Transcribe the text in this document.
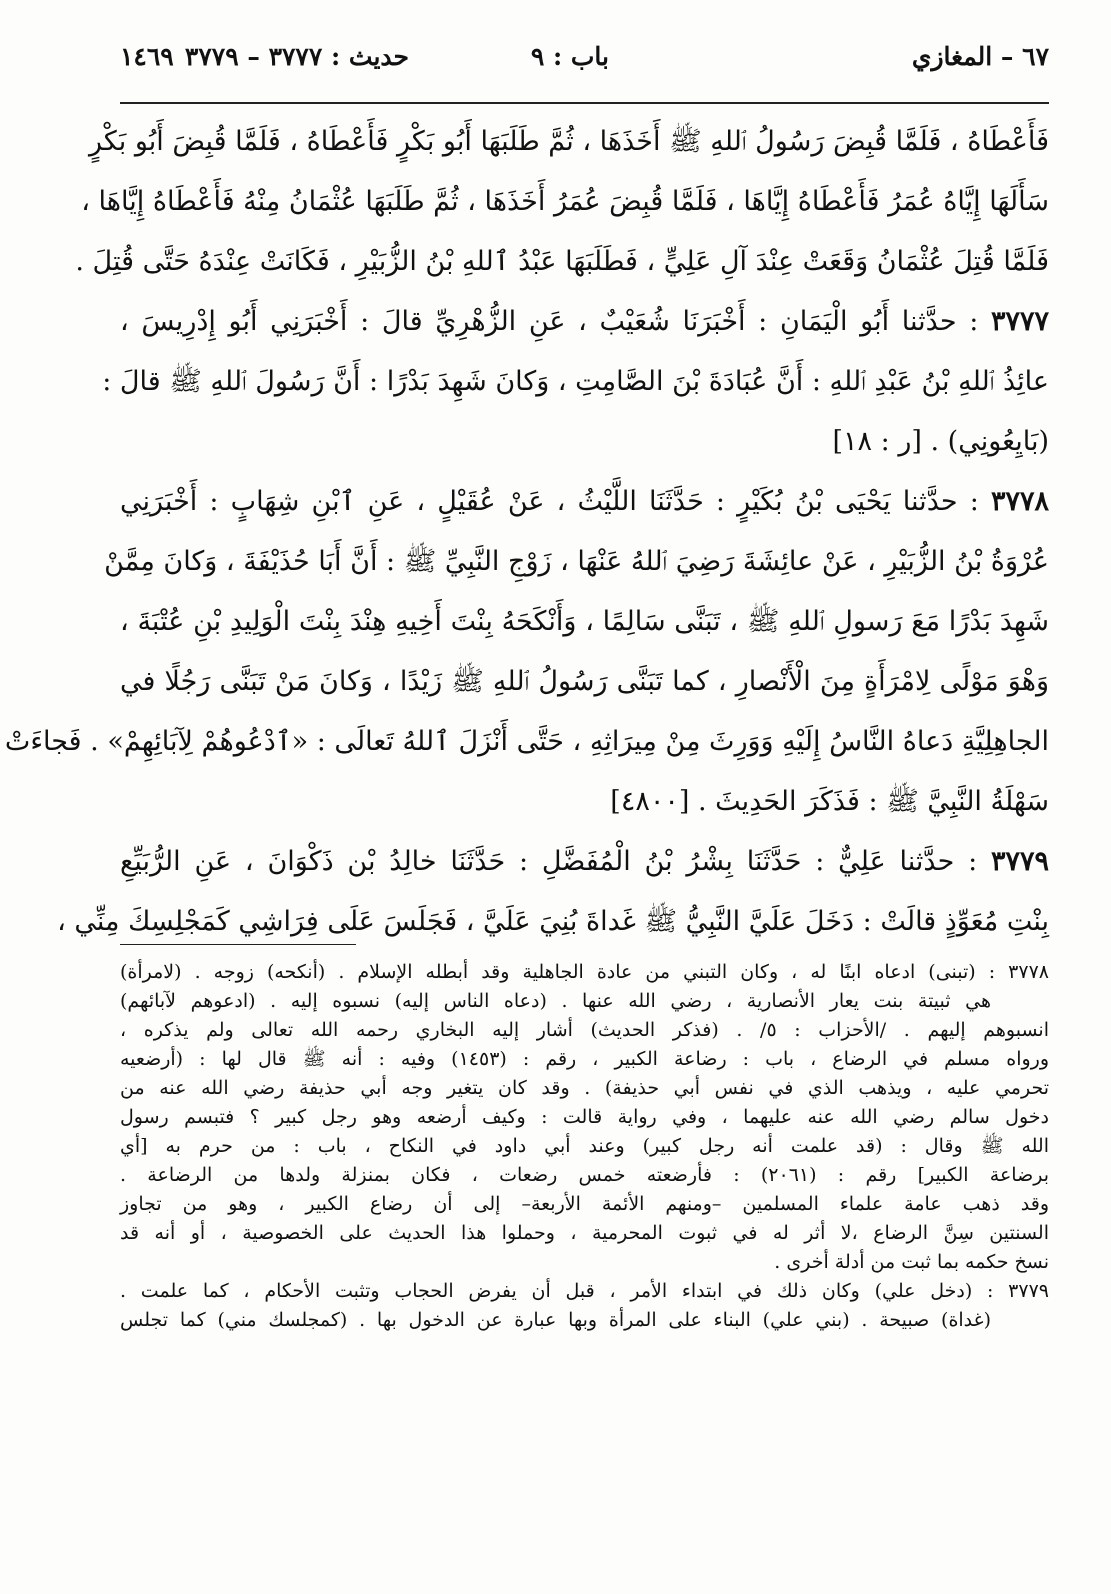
٦٧ – المغازي
باب : ٩
حديث : ٣٧٧٧ – ٣٧٧٩
١٤٦٩
فَأَعْطَاهُ ، فَلَمَّا قُبِضَ رَسُولُ ٱللهِ ﷺ أَخَذَهَا ، ثُمَّ طَلَبَهَا أَبُو بَكْرٍ فَأَعْطَاهُ ، فَلَمَّا قُبِضَ أَبُو بَكْرٍ
سَأَلَهَا إِيَّاهُ عُمَرُ فَأَعْطَاهُ إِيَّاهَا ، فَلَمَّا قُبِضَ عُمَرُ أَخَذَهَا ، ثُمَّ طَلَبَهَا عُثْمَانُ مِنْهُ فَأَعْطَاهُ إِيَّاهَا ،
فَلَمَّا قُتِلَ عُثْمَانُ وَقَعَتْ عِنْدَ آلِ عَلِيٍّ ، فَطَلَبَهَا عَبْدُ ٱللهِ بْنُ الزُّبَيْرِ ، فَكَانَتْ عِنْدَهُ حَتَّى قُتِلَ .
٣٧٧٧ : حدَّثنا أَبُو الْيَمَانِ : أَخْبَرَنَا شُعَيْبٌ ، عَنِ الزُّهْرِيِّ قالَ : أَخْبَرَنِي أَبُو إِدْرِيسَ ،
عائِذُ ٱللهِ بْنُ عَبْدِ ٱللهِ : أَنَّ عُبَادَةَ بْنَ الصَّامِتِ ، وَكانَ شَهِدَ بَدْرًا : أَنَّ رَسُولَ ٱللهِ ﷺ قالَ :
(بَايِعُونِي) . [ر : ١٨]
٣٧٧٨ : حدَّثنا يَحْيَى بْنُ بُكَيْرٍ : حَدَّثَنَا اللَّيْثُ ، عَنْ عُقَيْلٍ ، عَنِ ٱبْنِ شِهَابٍ : أَخْبَرَنِي
عُرْوَةُ بْنُ الزُّبَيْرِ ، عَنْ عائِشَةَ رَضِيَ ٱللهُ عَنْهَا ، زَوْجِ النَّبِيِّ ﷺ : أَنَّ أَبَا حُذَيْفَةَ ، وَكانَ مِمَّنْ
شَهِدَ بَدْرًا مَعَ رَسولِ ٱللهِ ﷺ ، تَبَنَّى سَالِمًا ، وَأَنْكَحَهُ بِنْتَ أَخِيهِ هِنْدَ بِنْتَ الْوَلِيدِ بْنِ عُتْبَةَ ،
وَهْوَ مَوْلًى لِامْرَأَةٍ مِنَ الْأَنْصارِ ، كما تَبَنَّى رَسُولُ ٱللهِ ﷺ زَيْدًا ، وَكانَ مَنْ تَبَنَّى رَجُلًا في
الجاهِلِيَّةِ دَعاهُ النَّاسُ إِلَيْهِ وَوَرِثَ مِنْ مِيرَاثِهِ ، حَتَّى أَنْزَلَ ٱللهُ تَعالَى : «ٱدْعُوهُمْ لِآبَائِهِمْ» . فَجاءَتْ
سَهْلَةُ النَّبِيَّ ﷺ : فَذَكَرَ الحَدِيثَ . [٤٨٠٠]
٣٧٧٩ : حدَّثنا عَلِيٌّ : حَدَّثَنَا بِشْرُ بْنُ الْمُفَضَّلِ : حَدَّثَنَا خالِدُ بْن ذَكْوَانَ ، عَنِ الرُّبَيِّعِ
بِنْتِ مُعَوِّذٍ قالَتْ : دَخَلَ عَلَيَّ النَّبِيُّ ﷺ غَداةَ بُنِيَ عَلَيَّ ، فَجَلَسَ عَلَى فِرَاشِي كَمَجْلِسِكَ مِنِّي ،
٣٧٧٨ : (تبنى) ادعاه ابنًا له ، وكان التبني من عادة الجاهلية وقد أبطله الإسلام . (أنكحه) زوجه . (لامرأة)
هي ثبيتة بنت يعار الأنصارية ، رضي الله عنها . (دعاه الناس إليه) نسبوه إليه . (ادعوهم لآبائهم)
انسبوهم إليهم . /الأحزاب : ٥/ . (فذكر الحديث) أشار إليه البخاري رحمه الله تعالى ولم يذكره ،
ورواه مسلم في الرضاع ، باب : رضاعة الكبير ، رقم : (١٤٥٣) وفيه : أنه ﷺ قال لها : (أرضعيه
تحرمي عليه ، ويذهب الذي في نفس أبي حذيفة) . وقد كان يتغير وجه أبي حذيفة رضي الله عنه من
دخول سالم رضي الله عنه عليهما ، وفي رواية قالت : وكيف أرضعه وهو رجل كبير ؟ فتبسم رسول
الله ﷺ وقال : (قد علمت أنه رجل كبير) وعند أبي داود في النكاح ، باب : من حرم به [أي
برضاعة الكبير] رقم : (٢٠٦١) : فأرضعته خمس رضعات ، فكان بمنزلة ولدها من الرضاعة .
وقد ذهب عامة علماء المسلمين –ومنهم الأئمة الأربعة– إلى أن رضاع الكبير ، وهو من تجاوز
السنتين سِنَّ الرضاع ،لا أثر له في ثبوت المحرمية ، وحملوا هذا الحديث على الخصوصية ، أو أنه قد
نسخ حكمه بما ثبت من أدلة أخرى .
٣٧٧٩ : (دخل علي) وكان ذلك في ابتداء الأمر ، قبل أن يفرض الحجاب وتثبت الأحكام ، كما علمت .
(غداة) صبيحة . (بني علي) البناء على المرأة وبها عبارة عن الدخول بها . (كمجلسك مني) كما تجلس
